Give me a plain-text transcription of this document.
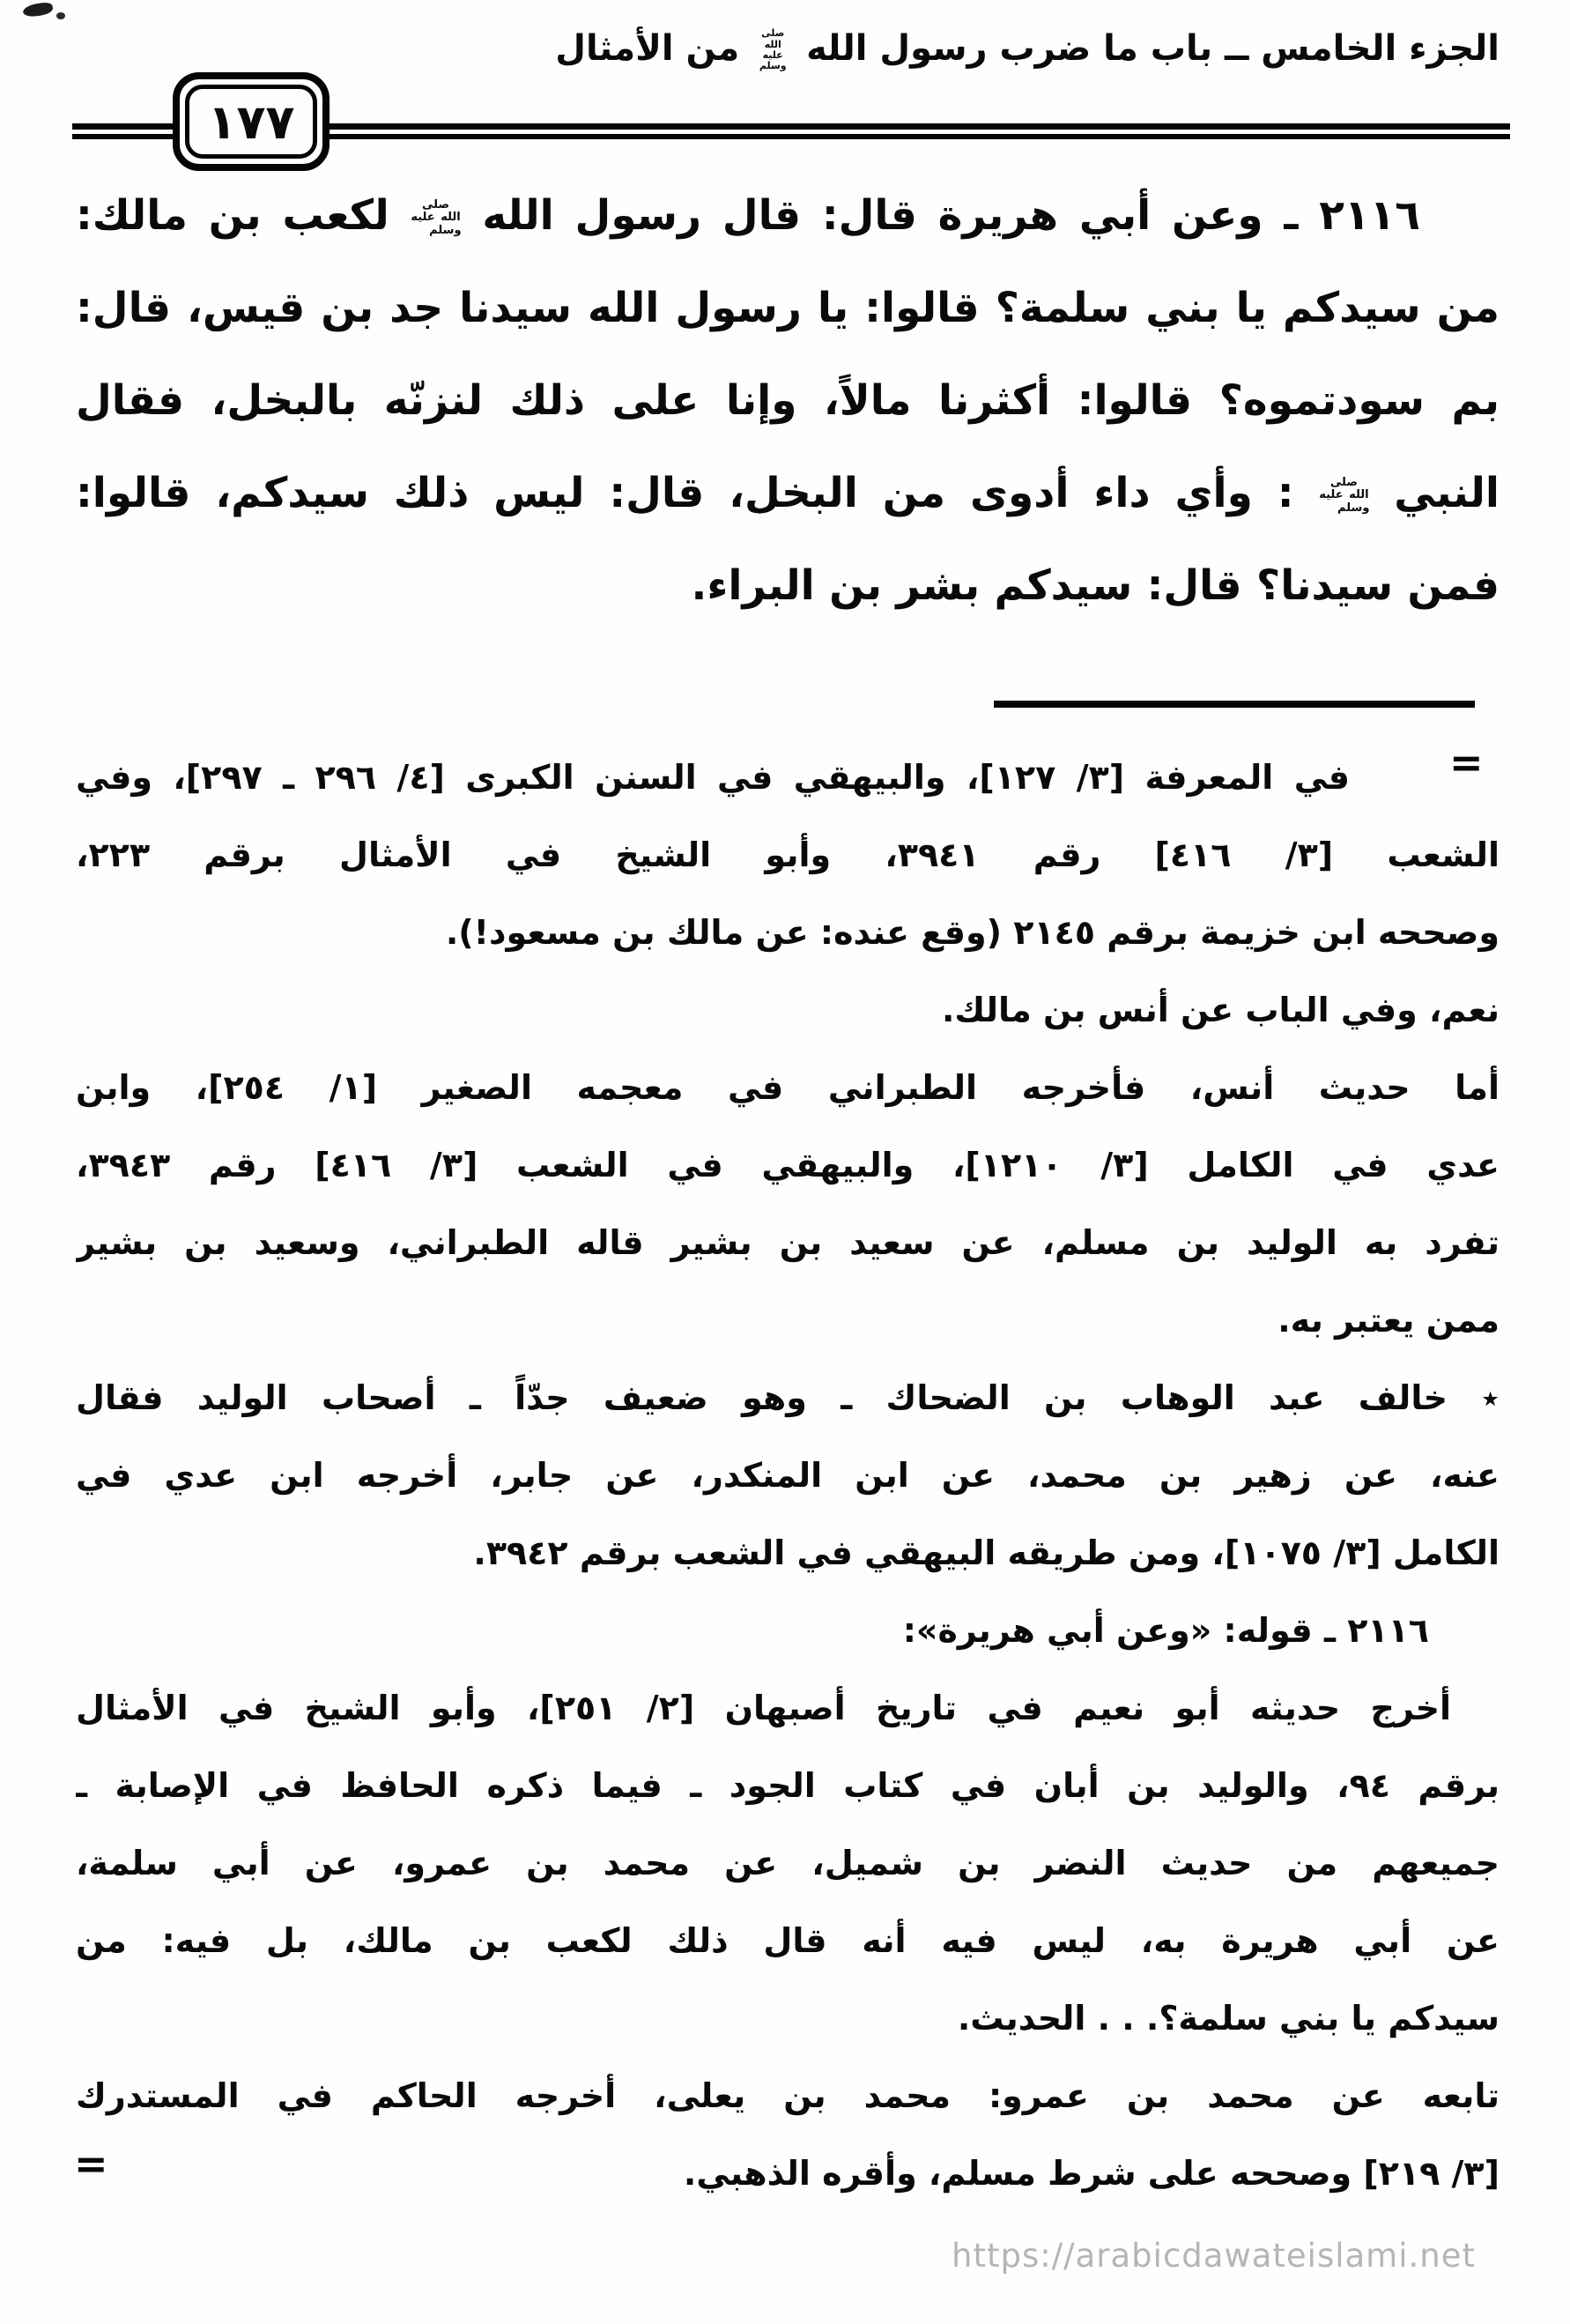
الجزء الخامس ــ باب ما ضرب رسول الله صلى الله عليه وسلم من الأمثال
١٧٧
٢١١٦ ـ وعن أبي هريرة قال: قال رسول الله صلى الله عليه وسلم لكعب بن مالك:
من سيدكم يا بني سلمة؟ قالوا: يا رسول الله سيدنا جد بن قيس، قال:
بم سودتموه؟ قالوا: أكثرنا مالاً، وإنا على ذلك لنزنّه بالبخل، فقال
النبي صلى الله عليه وسلم : وأي داء أدوى من البخل، قال: ليس ذلك سيدكم، قالوا:
فمن سيدنا؟ قال: سيدكم بشر بن البراء.
=
في المعرفة [٣/ ١٢٧]، والبيهقي في السنن الكبرى [٤/ ٢٩٦ ـ ٢٩٧]، وفي
الشعب [٣/ ٤١٦] رقم ٣٩٤١، وأبو الشيخ في الأمثال برقم ٢٢٣،
وصححه ابن خزيمة برقم ٢١٤٥ (وقع عنده: عن مالك بن مسعود!).
نعم، وفي الباب عن أنس بن مالك.
أما حديث أنس، فأخرجه الطبراني في معجمه الصغير [١/ ٢٥٤]، وابن
عدي في الكامل [٣/ ١٢١٠]، والبيهقي في الشعب [٣/ ٤١٦] رقم ٣٩٤٣،
تفرد به الوليد بن مسلم، عن سعيد بن بشير قاله الطبراني، وسعيد بن بشير
ممن يعتبر به.
٭ خالف عبد الوهاب بن الضحاك ـ وهو ضعيف جدّاً ـ أصحاب الوليد فقال
عنه، عن زهير بن محمد، عن ابن المنكدر، عن جابر، أخرجه ابن عدي في
الكامل [٣/ ١٠٧٥]، ومن طريقه البيهقي في الشعب برقم ٣٩٤٢.
٢١١٦ ـ قوله: «وعن أبي هريرة»:
أخرج حديثه أبو نعيم في تاريخ أصبهان [٢/ ٢٥١]، وأبو الشيخ في الأمثال
برقم ٩٤، والوليد بن أبان في كتاب الجود ـ فيما ذكره الحافظ في الإصابة ـ
جميعهم من حديث النضر بن شميل، عن محمد بن عمرو، عن أبي سلمة،
عن أبي هريرة به، ليس فيه أنه قال ذلك لكعب بن مالك، بل فيه: من
سيدكم يا بني سلمة؟. . . الحديث.
تابعه عن محمد بن عمرو: محمد بن يعلى، أخرجه الحاكم في المستدرك
[٣/ ٢١٩] وصححه على شرط مسلم، وأقره الذهبي.
=
https://arabicdawateislami.net
